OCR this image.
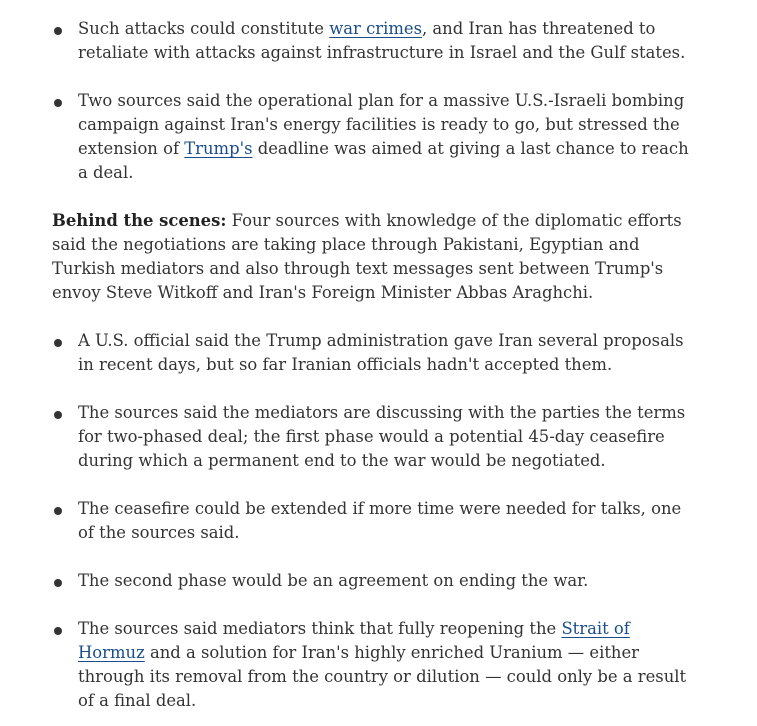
Such attacks could constitute war crimes, and Iran has threatened to retaliate with attacks against infrastructure in Israel and the Gulf states.
Two sources said the operational plan for a massive U.S.-Israeli bombing campaign against Iran's energy facilities is ready to go, but stressed the extension of Trump's deadline was aimed at giving a last chance to reach a deal.
Behind the scenes: Four sources with knowledge of the diplomatic efforts said the negotiations are taking place through Pakistani, Egyptian and Turkish mediators and also through text messages sent between Trump's envoy Steve Witkoff and Iran's Foreign Minister Abbas Araghchi.
A U.S. official said the Trump administration gave Iran several proposals in recent days, but so far Iranian officials hadn't accepted them.
The sources said the mediators are discussing with the parties the terms for two-phased deal; the first phase would a potential 45-day ceasefire during which a permanent end to the war would be negotiated.
The ceasefire could be extended if more time were needed for talks, one of the sources said.
The second phase would be an agreement on ending the war.
The sources said mediators think that fully reopening the Strait of Hormuz and a solution for Iran's highly enriched Uranium — either through its removal from the country or dilution — could only be a result of a final deal.
